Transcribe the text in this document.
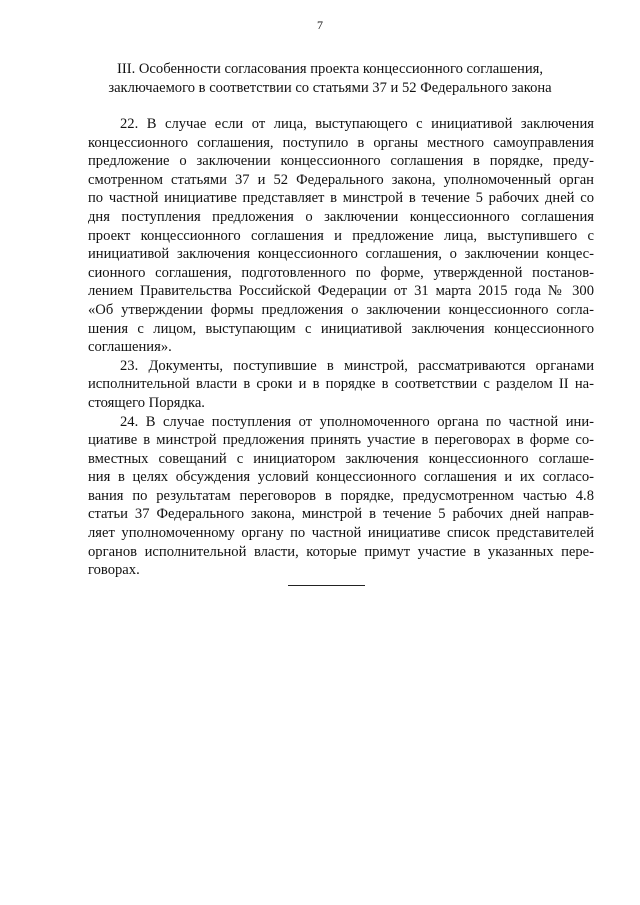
7
III. Особенности согласования проекта концессионного соглашения,
заключаемого в соответствии со статьями 37 и 52 Федерального закона
22. В случае если от лица, выступающего с инициативой заключения
концессионного соглашения, поступило в органы местного самоуправления
предложение о заключении концессионного соглашения в порядке, преду-
смотренном статьями 37 и 52 Федерального закона, уполномоченный орган
по частной инициативе представляет в минстрой в течение 5 рабочих дней со
дня поступления предложения о заключении концессионного соглашения
проект концессионного соглашения и предложение лица, выступившего с
инициативой заключения концессионного соглашения, о заключении концес-
сионного соглашения, подготовленного по форме, утвержденной постанов-
лением Правительства Российской Федерации от 31 марта 2015 года № 300
«Об утверждении формы предложения о заключении концессионного согла-
шения с лицом, выступающим с инициативой заключения концессионного
соглашения».
23. Документы, поступившие в минстрой, рассматриваются органами
исполнительной власти в сроки и в порядке в соответствии с разделом II на-
стоящего Порядка.
24. В случае поступления от уполномоченного органа по частной ини-
циативе в минстрой предложения принять участие в переговорах в форме со-
вместных совещаний с инициатором заключения концессионного соглаше-
ния в целях обсуждения условий концессионного соглашения и их согласо-
вания по результатам переговоров в порядке, предусмотренном частью 4.8
статьи 37 Федерального закона, минстрой в течение 5 рабочих дней направ-
ляет уполномоченному органу по частной инициативе список представителей
органов исполнительной власти, которые примут участие в указанных пере-
говорах.
